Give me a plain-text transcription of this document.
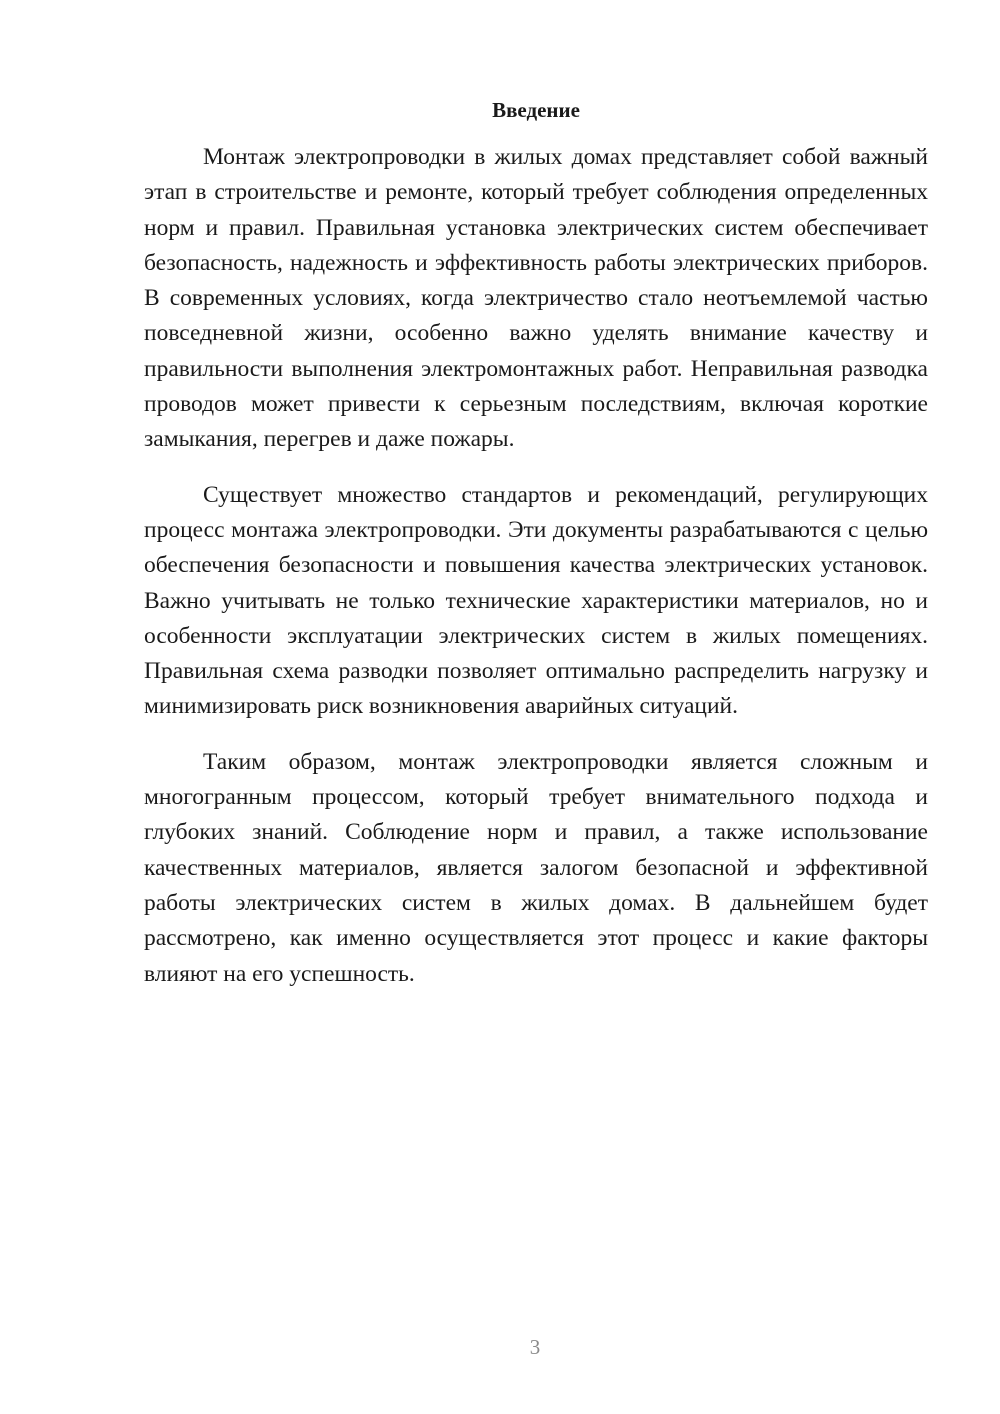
Введение

Монтаж электропроводки в жилых домах представляет собой важный этап в строительстве и ремонте, который требует соблюдения определенных норм и правил. Правильная установка электрических систем обеспечивает безопасность, надежность и эффективность работы электрических приборов. В современных условиях, когда электричество стало неотъемлемой частью повседневной жизни, особенно важно уделять внимание качеству и правильности выполнения электромонтажных работ. Неправильная разводка проводов может привести к серьезным последствиям, включая короткие замыкания, перегрев и даже пожары.

Существует множество стандартов и рекомендаций, регулирующих процесс монтажа электропроводки. Эти документы разрабатываются с целью обеспечения безопасности и повышения качества электрических установок. Важно учитывать не только технические характеристики материалов, но и особенности эксплуатации электрических систем в жилых помещениях. Правильная схема разводки позволяет оптимально распределить нагрузку и минимизировать риск возникновения аварийных ситуаций.

Таким образом, монтаж электропроводки является сложным и многогранным процессом, который требует внимательного подхода и глубоких знаний. Соблюдение норм и правил, а также использование качественных материалов, является залогом безопасной и эффективной работы электрических систем в жилых домах. В дальнейшем будет рассмотрено, как именно осуществляется этот процесс и какие факторы влияют на его успешность.

3
